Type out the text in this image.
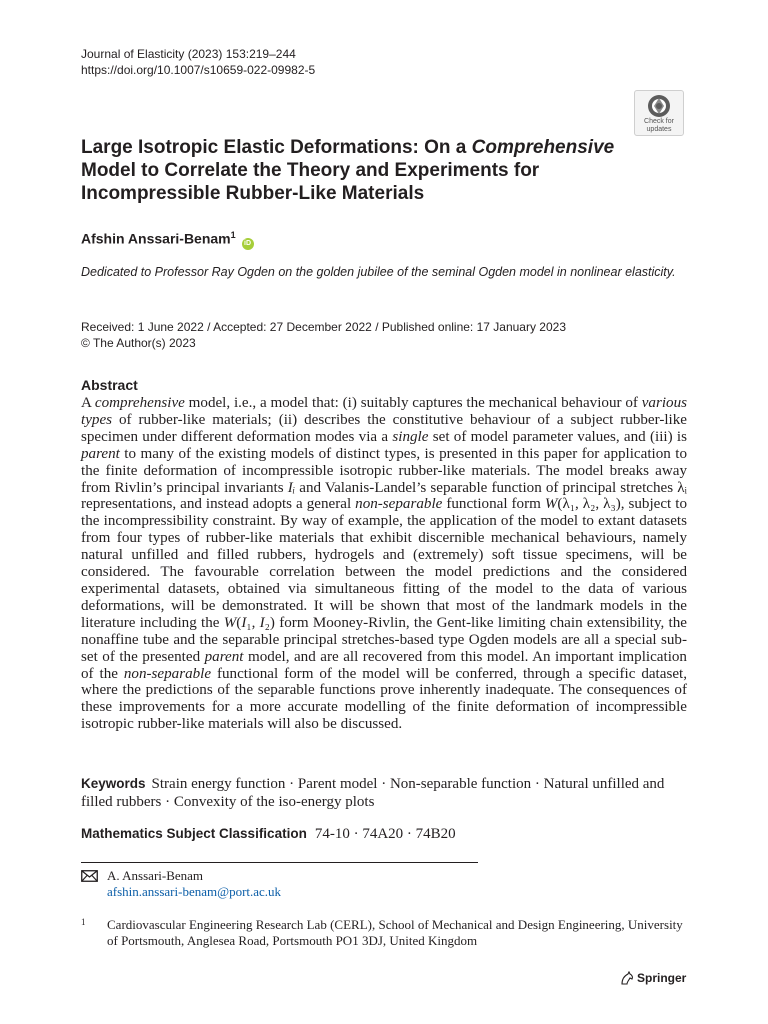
Journal of Elasticity (2023) 153:219–244
https://doi.org/10.1007/s10659-022-09982-5
Check for
updates
Large Isotropic Elastic Deformations: On a Comprehensive Model to Correlate the Theory and Experiments for Incompressible Rubber-Like Materials
Afshin Anssari-Benam$^1$ iD
Dedicated to Professor Ray Ogden on the golden jubilee of the seminal Ogden model in nonlinear elasticity.
Received: 1 June 2022 / Accepted: 27 December 2022 / Published online: 17 January 2023
© The Author(s) 2023
Abstract

A comprehensive model, i.e., a model that: (i) suitably captures the mechanical behaviour of various types of rubber-like materials; (ii) describes the constitutive behaviour of a subject rubber-like specimen under different deformation modes via a single set of model parameter values, and (iii) is parent to many of the existing models of distinct types, is presented in this paper for application to the finite deformation of incompressible isotropic rubber-like materials. The model breaks away from Rivlin’s principal invariants Iᵢ and Valanis-Landel’s separable function of principal stretches λᵢ representations, and instead adopts a general non-separable functional form W(λ₁, λ₂, λ₃), subject to the incompressibility constraint. By way of example, the application of the model to extant datasets from four types of rubber-like materials that exhibit discernible mechanical behaviours, namely natural unfilled and filled rubbers, hydrogels and (extremely) soft tissue specimens, will be considered. The favourable correlation between the model predictions and the considered experimental datasets, obtained via simultaneous fitting of the model to the data of various deformations, will be demonstrated. It will be shown that most of the landmark models in the literature including the W(I₁, I₂) form Mooney-Rivlin, the Gent-like limiting chain extensibility, the nonaffine tube and the separable principal stretches-based type Ogden models are all a special sub-set of the presented parent model, and are all recovered from this model. An important implication of the non-separable functional form of the model will be conferred, through a specific dataset, where the predictions of the separable functions prove inherently inadequate. The consequences of these improvements for a more accurate modelling of the finite deformation of incompressible isotropic rubber-like materials will also be discussed.

Keywords Strain energy function · Parent model · Non-separable function · Natural unfilled and filled rubbers · Convexity of the iso-energy plots
Mathematics Subject Classification 74-10 · 74A20 · 74B20
A. Anssari-Benam
afshin.anssari-benam@port.ac.uk
1 Cardiovascular Engineering Research Lab (CERL), School of Mechanical and Design Engineering, University of Portsmouth, Anglesea Road, Portsmouth PO1 3DJ, United Kingdom
Springer
